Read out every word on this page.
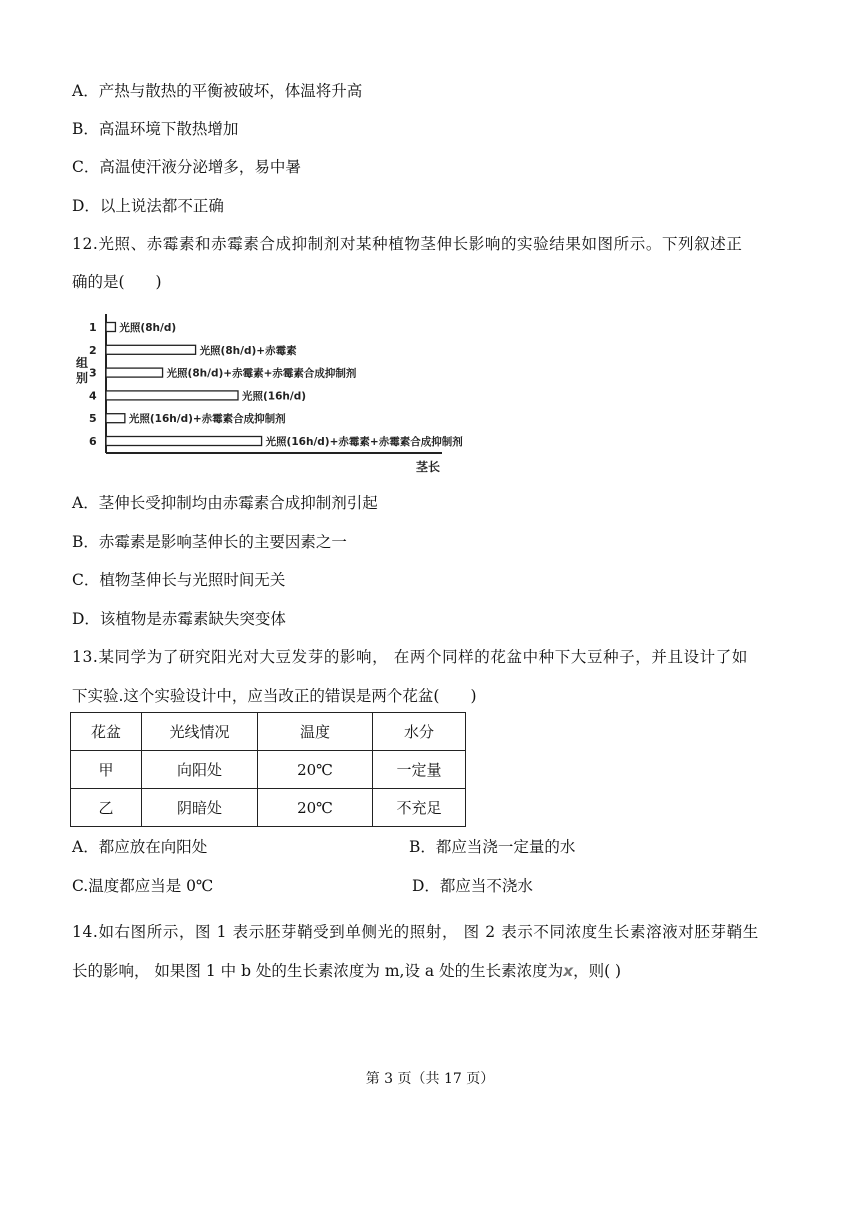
A．产热与散热的平衡被破坏，体温将升高
B．高温环境下散热增加
C．高温使汗液分泌增多，易中暑
D．以上说法都不正确
12.光照、赤霉素和赤霉素合成抑制剂对某种植物茎伸长影响的实验结果如图所示。下列叙述正
确的是(　　)
组
别
茎长
1 光照(8h/d)
2	光照(8h/d)+赤霉素
3	光照(8h/d)+赤霉素+赤霉素合成抑制剂
4	光照(16h/d)
5	光照(16h/d)+赤霉素合成抑制剂
6	光照(16h/d)+赤霉素+赤霉素合成抑制剂
A．茎伸长受抑制均由赤霉素合成抑制剂引起
B．赤霉素是影响茎伸长的主要因素之一
C．植物茎伸长与光照时间无关
D．该植物是赤霉素缺失突变体
13.某同学为了研究阳光对大豆发芽的影响， 在两个同样的花盆中种下大豆种子，并且设计了如
下实验.这个实验设计中，应当改正的错误是两个花盆(　　)
花盆	光线情况	温度	水分
甲	向阳处	20℃	一定量
乙	阴暗处	20℃	不充足
A．都应放在向阳处	B．都应当浇一定量的水
C.温度都应当是 0℃	D．都应当不浇水
14.如右图所示，图 1 表示胚芽鞘受到单侧光的照射， 图 2 表示不同浓度生长素溶液对胚芽鞘生
长的影响， 如果图 1 中 b 处的生长素浓度为 m,设 a 处的生长素浓度为x，则( )
第 3 页（共 17 页）
